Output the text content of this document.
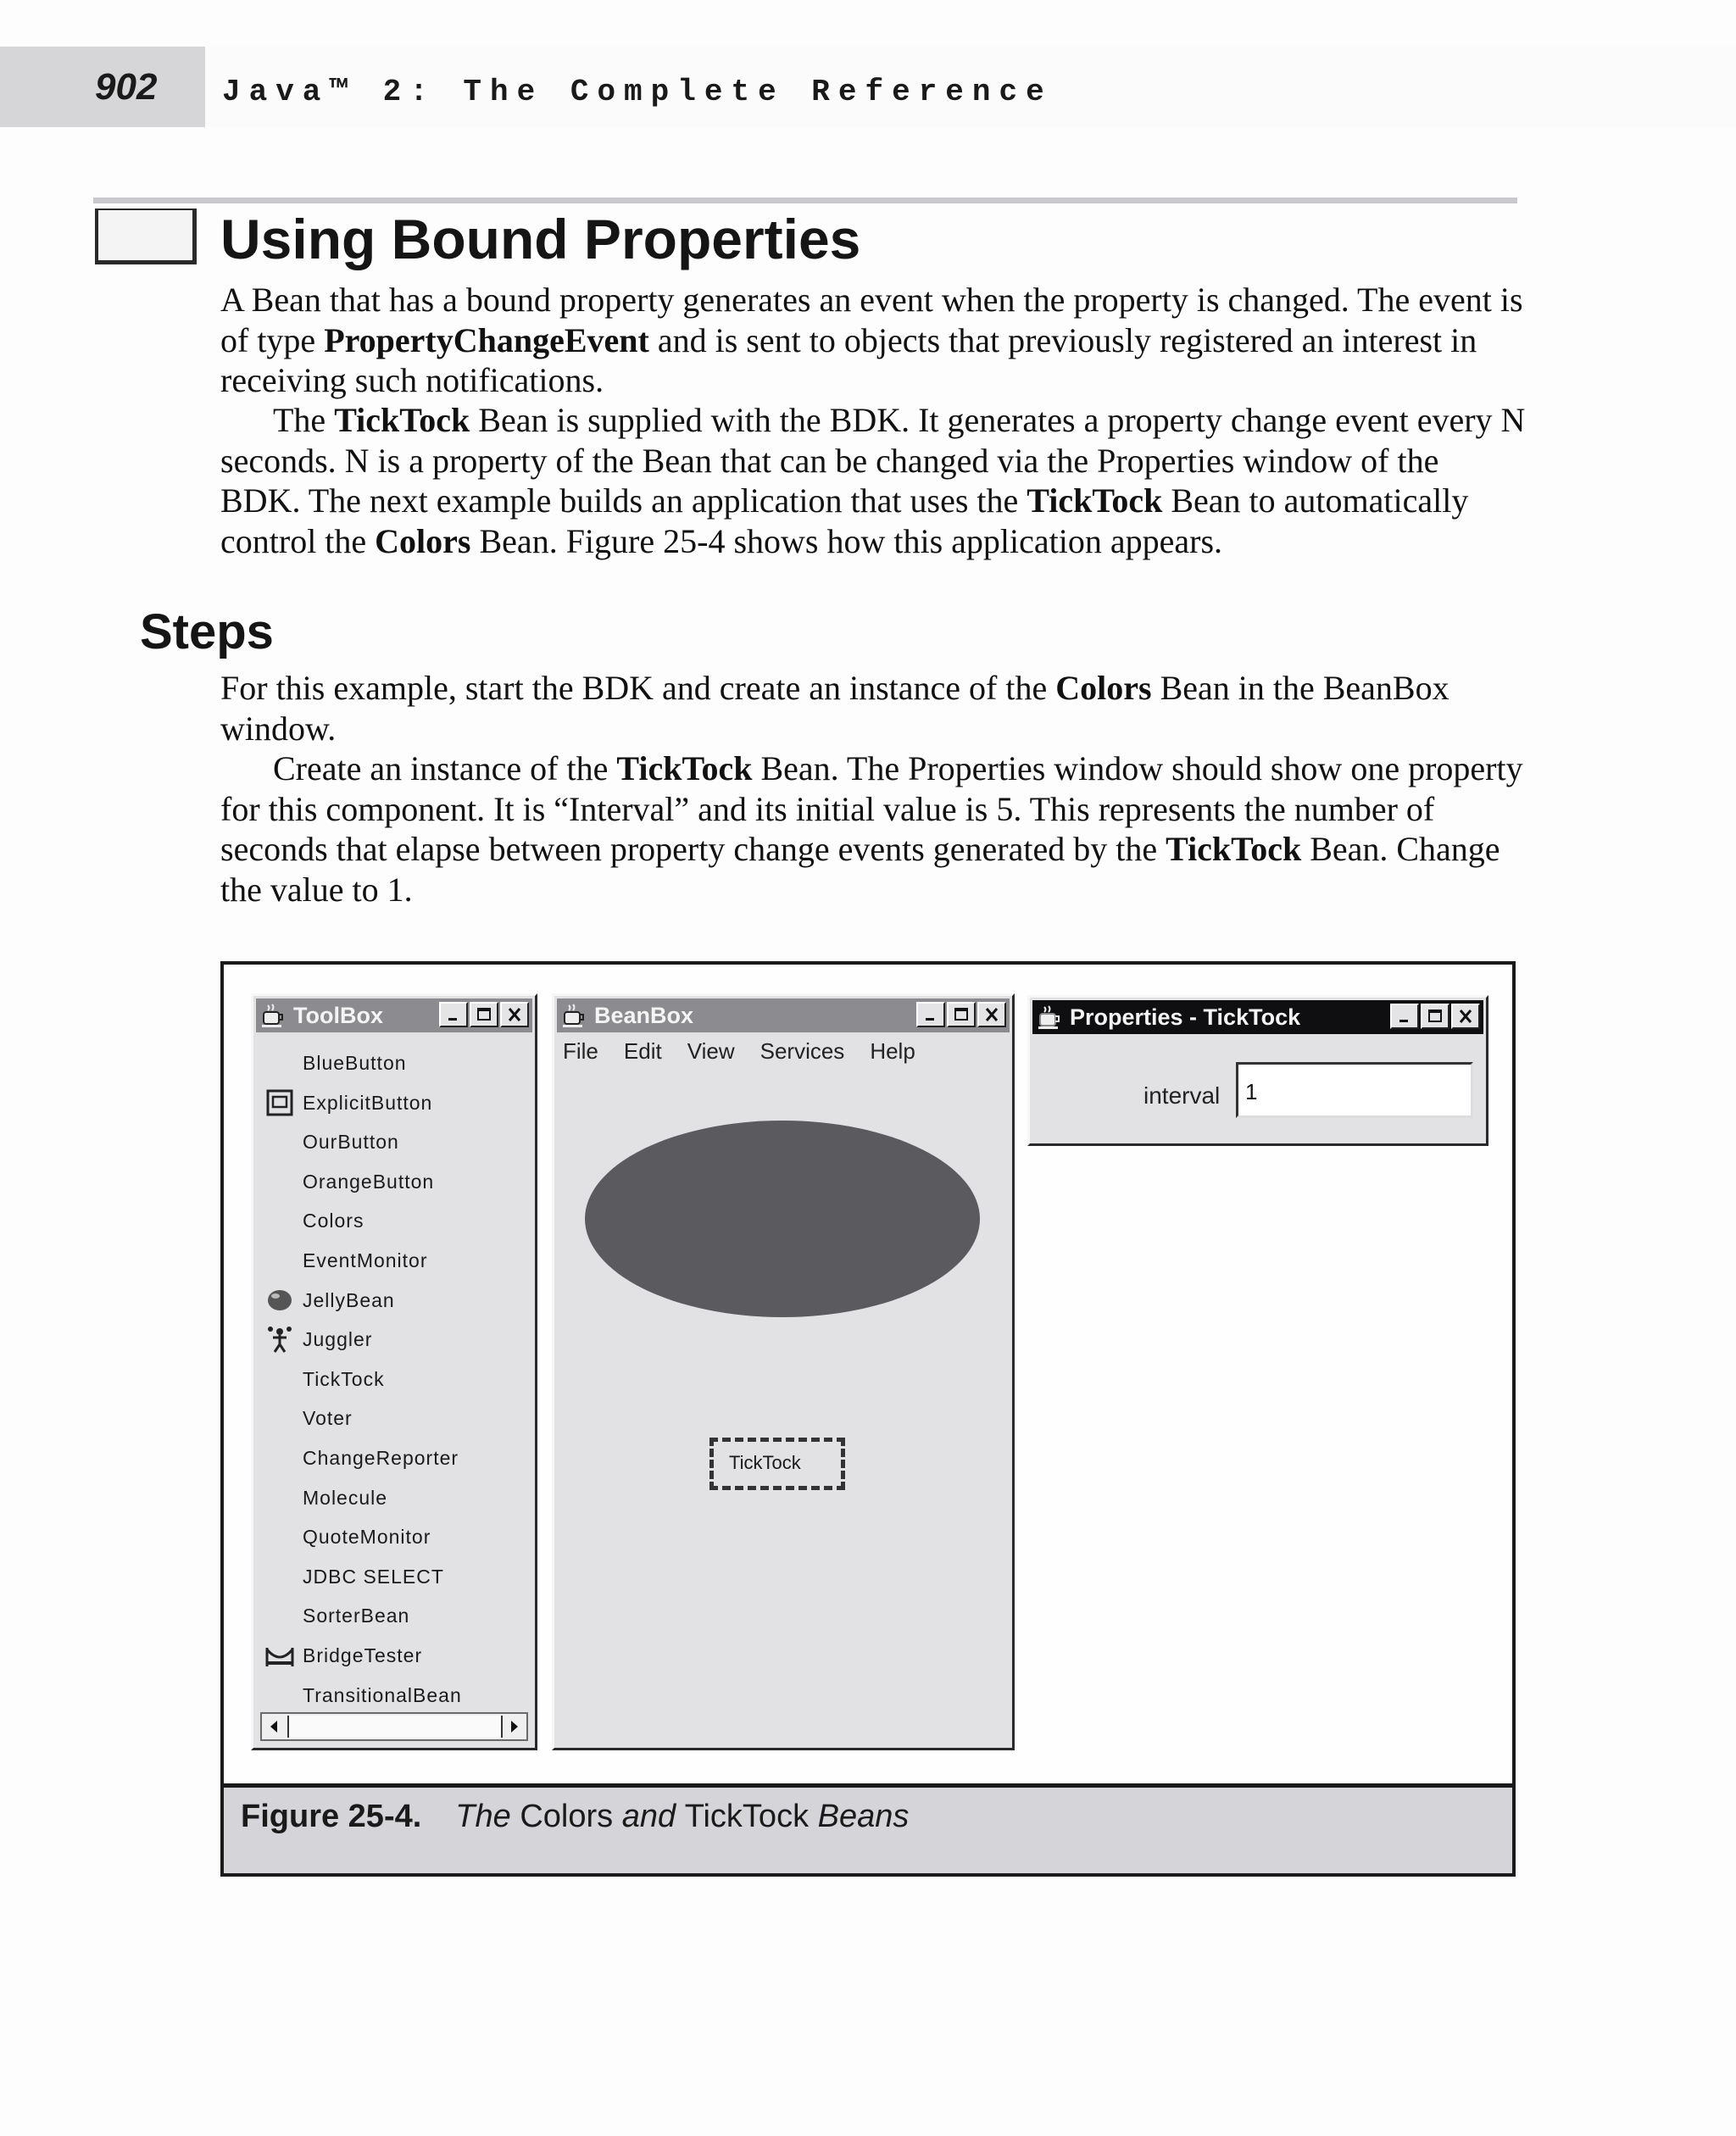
902 Java™ 2: The Complete Reference
Using Bound Properties

A Bean that has a bound property generates an event when the property is changed. The event is of type PropertyChangeEvent and is sent to objects that previously registered an interest in receiving such notifications.

The TickTock Bean is supplied with the BDK. It generates a property change event every N seconds. N is a property of the Bean that can be changed via the Properties window of the BDK. The next example builds an application that uses the TickTock Bean to automatically control the Colors Bean. Figure 25-4 shows how this application appears.

Steps

For this example, start the BDK and create an instance of the Colors Bean in the BeanBox window.

Create an instance of the TickTock Bean. The Properties window should show one property for this component. It is “Interval” and its initial value is 5. This represents the number of seconds that elapse between property change events generated by the TickTock Bean. Change the value to 1.

ToolBox
BlueButton
ExplicitButton
OurButton
OrangeButton
Colors
EventMonitor
JellyBean
Juggler
TickTock
Voter
ChangeReporter
Molecule
QuoteMonitor
JDBC SELECT
SorterBean
BridgeTester
TransitionalBean
BeanBox
File Edit View Services Help
TickTock
Properties - TickTock
interval
1
Figure 25-4. The Colors and TickTock Beans
